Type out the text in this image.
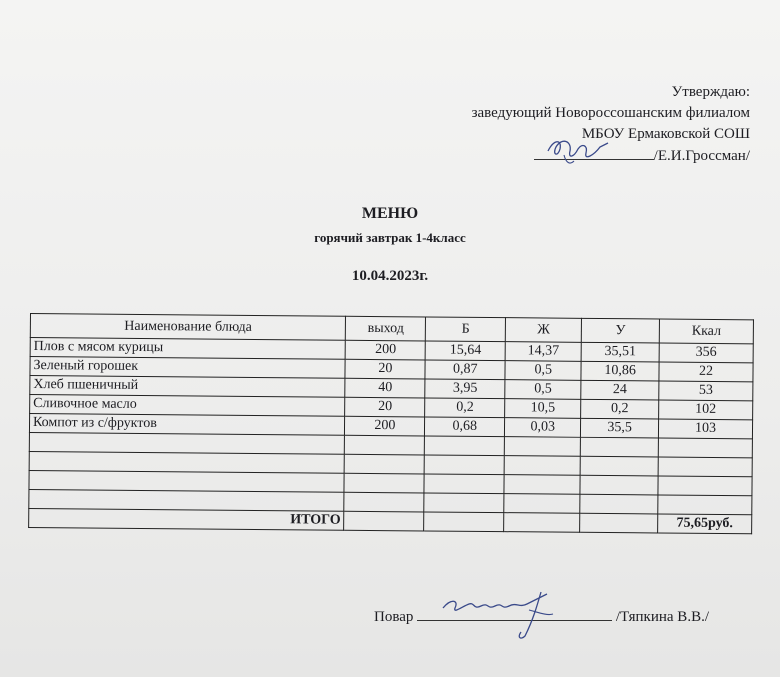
Утверждаю:
заведующий Новороссошанским филиалом
МБОУ Ермаковской СОШ
/Е.И.Гроссман/
МЕНЮ
горячий завтрак 1-4класс
10.04.2023г.
Наименование блюда	выход	Б	Ж	У	Ккал
Плов с мясом курицы	200	15,64	14,37	35,51	356
Зеленый горошек	20	0,87	0,5	10,86	22
Хлеб пшеничный	40	3,95	0,5	24	53
Сливочное масло	20	0,2	10,5	0,2	102
Компот из с/фруктов	200	0,68	0,03	35,5	103

ИТОГО					75,65руб.
Повар	/Тяпкина В.В./
